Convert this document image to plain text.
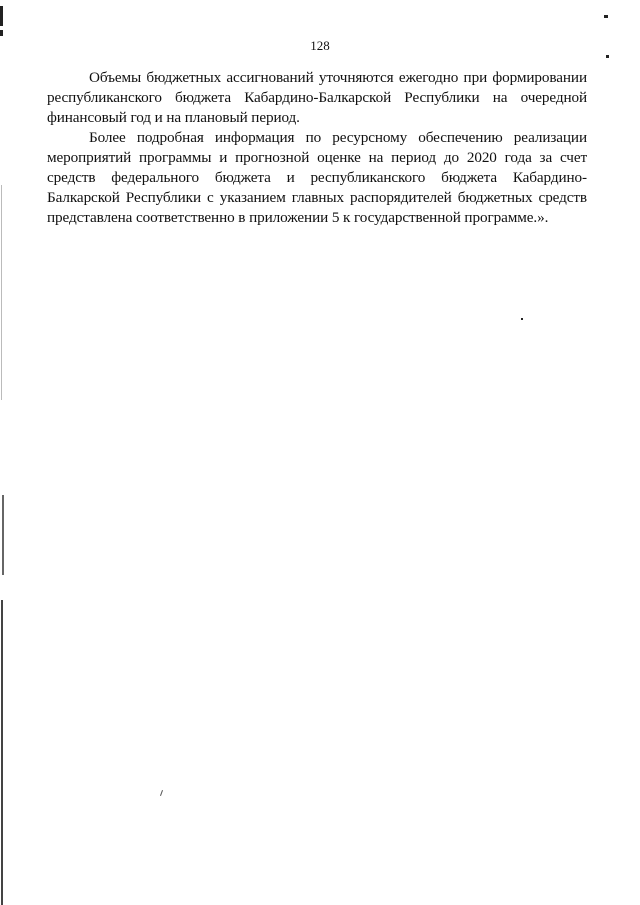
128

Объемы бюджетных ассигнований уточняются ежегодно при формировании республиканского бюджета Кабардино-Балкарской Республики на очередной финансовый год и на плановый период.

Более подробная информация по ресурсному обеспечению реализации мероприятий программы и прогнозной оценке на период до 2020 года за счет средств федерального бюджета и республиканского бюджета Кабардино-Балкарской Республики с указанием главных распорядителей бюджетных средств представлена соответственно в приложении 5 к государственной программе.».
